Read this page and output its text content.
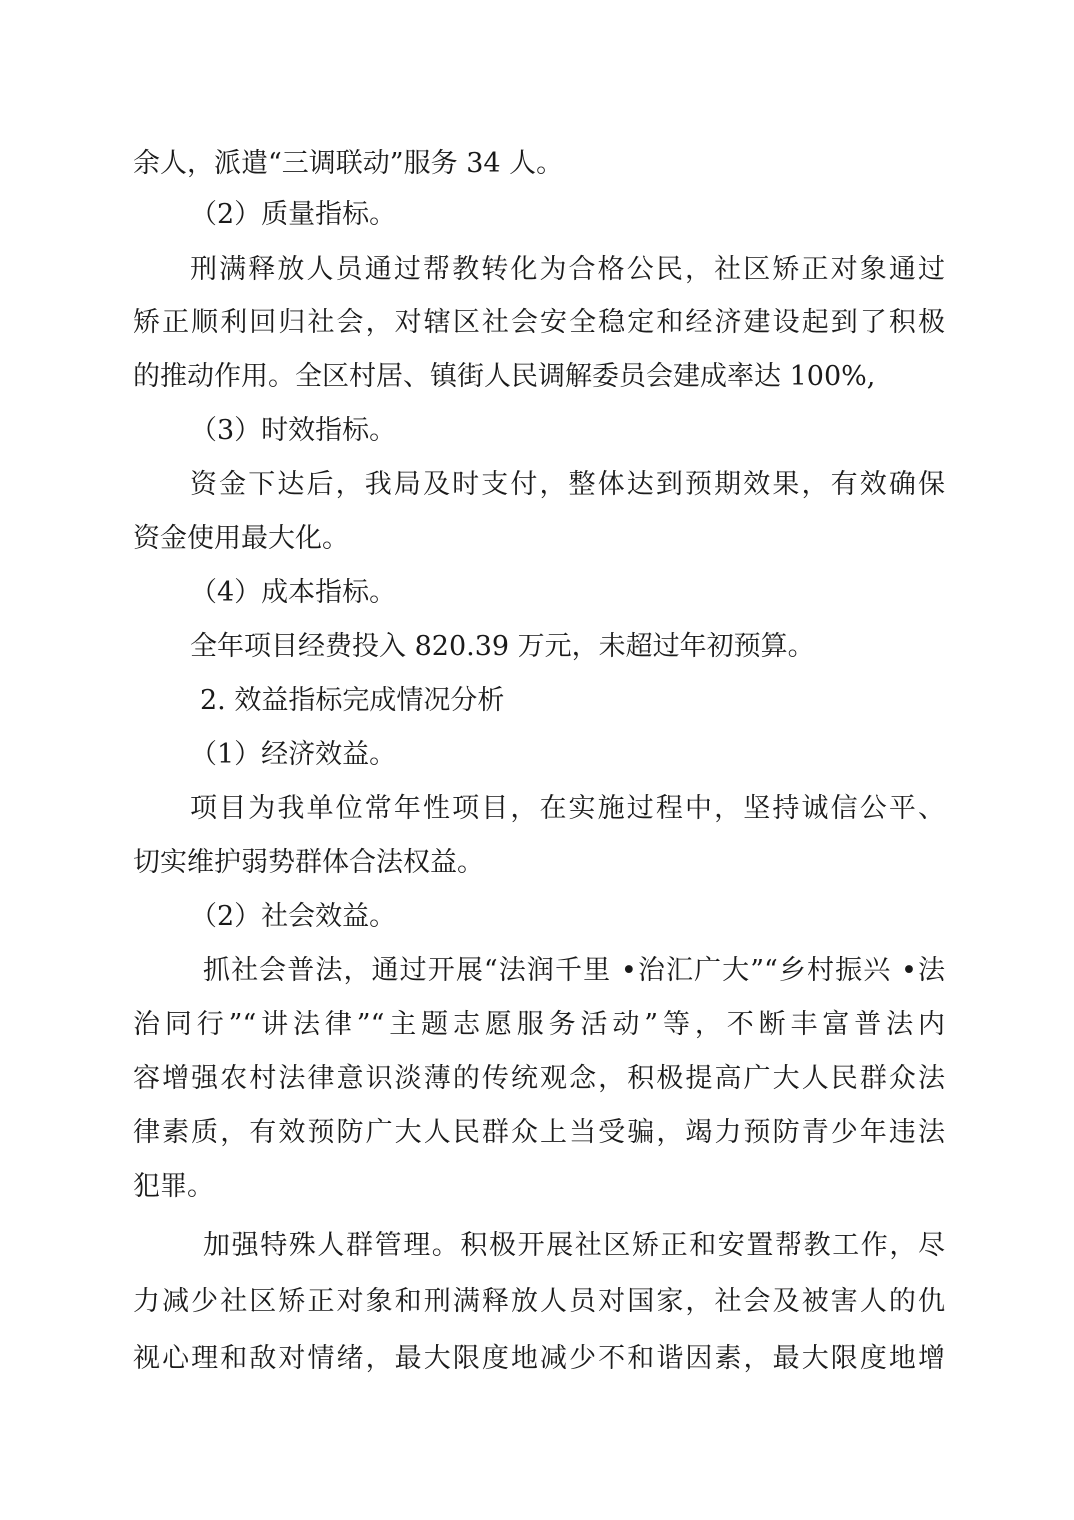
余人，派遣“三调联动”服务 34 人。
（2）质量指标。
刑满释放人员通过帮教转化为合格公民，社区矫正对象通过
矫正顺利回归社会，对辖区社会安全稳定和经济建设起到了积极
的推动作用。全区村居、镇街人民调解委员会建成率达 100%,
（3）时效指标。
资金下达后，我局及时支付，整体达到预期效果，有效确保
资金使用最大化。
（4）成本指标。
全年项目经费投入 820.39 万元，未超过年初预算。
2. 效益指标完成情况分析
（1）经济效益。
项目为我单位常年性项目，在实施过程中，坚持诚信公平、
切实维护弱势群体合法权益。
（2）社会效益。
抓社会普法，通过开展“法润千里 •治汇广大”“乡村振兴 •法
治同行”“讲法律”“主题志愿服务活动”等，不断丰富普法内
容增强农村法律意识淡薄的传统观念，积极提高广大人民群众法
律素质，有效预防广大人民群众上当受骗，竭力预防青少年违法
犯罪。
加强特殊人群管理。积极开展社区矫正和安置帮教工作，尽
力减少社区矫正对象和刑满释放人员对国家，社会及被害人的仇
视心理和敌对情绪，最大限度地减少不和谐因素，最大限度地增
